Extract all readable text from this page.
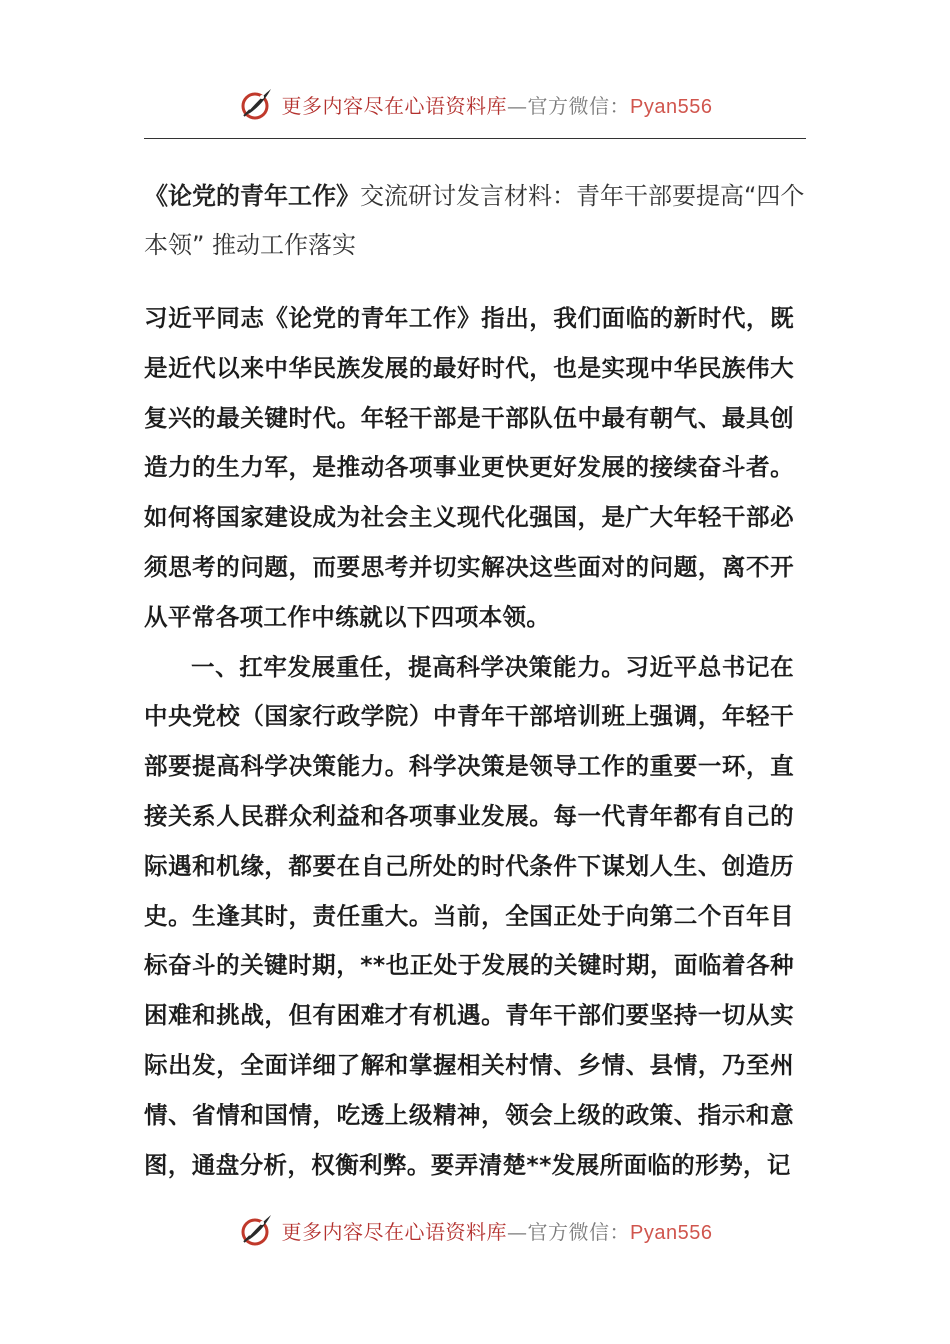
更多内容尽在心语资料库—官方微信：Pyan556
《论党的青年工作》交流研讨发言材料：青年干部要提高“四个本领” 推动工作落实

习近平同志《论党的青年工作》指出，我们面临的新时代，既是近代以来中华民族发展的最好时代，也是实现中华民族伟大复兴的最关键时代。年轻干部是干部队伍中最有朝气、最具创造力的生力军，是推动各项事业更快更好发展的接续奋斗者。如何将国家建设成为社会主义现代化强国，是广大年轻干部必须思考的问题，而要思考并切实解决这些面对的问题，离不开从平常各项工作中练就以下四项本领。

一、扛牢发展重任，提高科学决策能力。习近平总书记在中央党校（国家行政学院）中青年干部培训班上强调，年轻干部要提高科学决策能力。科学决策是领导工作的重要一环，直接关系人民群众利益和各项事业发展。每一代青年都有自己的际遇和机缘，都要在自己所处的时代条件下谋划人生、创造历史。生逢其时，责任重大。当前，全国正处于向第二个百年目标奋斗的关键时期，**也正处于发展的关键时期，面临着各种困难和挑战，但有困难才有机遇。青年干部们要坚持一切从实际出发，全面详细了解和掌握相关村情、乡情、县情，乃至州情、省情和国情，吃透上级精神，领会上级的政策、指示和意图，通盘分析，权衡利弊。要弄清楚**发展所面临的形势，记

更多内容尽在心语资料库—官方微信：Pyan556
